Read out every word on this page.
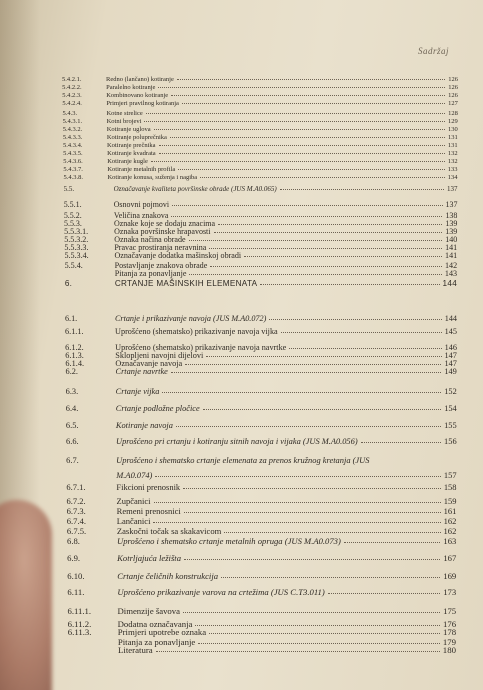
Sadržaj
5.4.2.1.	Redno (lančano) kotiranje	126
5.4.2.2.	Paralelno kotiranje	126
5.4.2.3.	Kombinovano kotiranje	126
5.4.2.4.	Primjeri pravilnog kotiranja	127
5.4.3.	Kotne strelice	128
5.4.3.1.	Kotni brojevi	129
5.4.3.2.	Kotiranje uglova	130
5.4.3.3.	Kotiranje poluprečnika	131
5.4.3.4.	Kotiranje prečnika	131
5.4.3.5.	Kotiranje kvadrata	132
5.4.3.6.	Kotiranje kugle	132
5.4.3.7.	Kotiranje metalnih profila	133
5.4.3.8.	Kotiranje konusa, suženja i nagiba	134
5.5.	Označavanje kvaliteta površinske obrade (JUS M.A0.065)	137
5.5.1.	Osnovni pojmovi	137
5.5.2.	Veličina znakova	138
5.5.3.	Oznake koje se dodaju znacima	139
5.5.3.1.	Oznaka površinske hrapavosti	139
5.5.3.2.	Oznaka načina obrade	140
5.5.3.3.	Pravac prostiranja neravnina	141
5.5.3.4.	Označavanje dodatka mašinskoj obradi	141
5.5.4.	Postavljanje znakova obrade	142
Pitanja za ponavljanje	143
6.	CRTANJE MAŠINSKIH ELEMENATA	144
6.1.	Crtanje i prikazivanje navoja (JUS M.A0.072)	144
6.1.1.	Uprošćeno (shematsko) prikazivanje navoja vijka	145
6.1.2.	Uprošćeno (shematsko) prikazivanje navoja navrtke	146
6.1.3.	Sklopljeni navojni dijelovi	147
6.1.4.	Označavanje navoja	147
6.2.	Crtanje navrtke	149
6.3.	Crtanje vijka	152
6.4.	Crtanje podložne pločice	154
6.5.	Kotiranje navoja	155
6.6.	Uprošćeno pri crtanju i kotiranju sitnih navoja i vijaka (JUS M.A0.056)	156
6.7.	Uprošćeno i shematsko crtanje elemenata za prenos kružnog kretanja (JUS
M.A0.074)	157
6.7.1.	Fikcioni prenosnik	158
6.7.2.	Zupčanici	159
6.7.3.	Remeni prenosnici	161
6.7.4.	Lančanici	162
6.7.5.	Zaskočni točak sa skakavicom	162
6.8.	Uprošćeno i shematsko crtanje metalnih opruga (JUS M.A0.073)	163
6.9.	Kotrljajuća ležišta	167
6.10.	Crtanje čeličnih konstrukcija	169
6.11.	Uprošćeno prikazivanje varova na crtežima (JUS C.T3.011)	173
6.11.1.	Dimenzije šavova	175
6.11.2.	Dodatna označavanja	176
6.11.3.	Primjeri upotrebe oznaka	178
Pitanja za ponavljanje	179
Literatura	180
